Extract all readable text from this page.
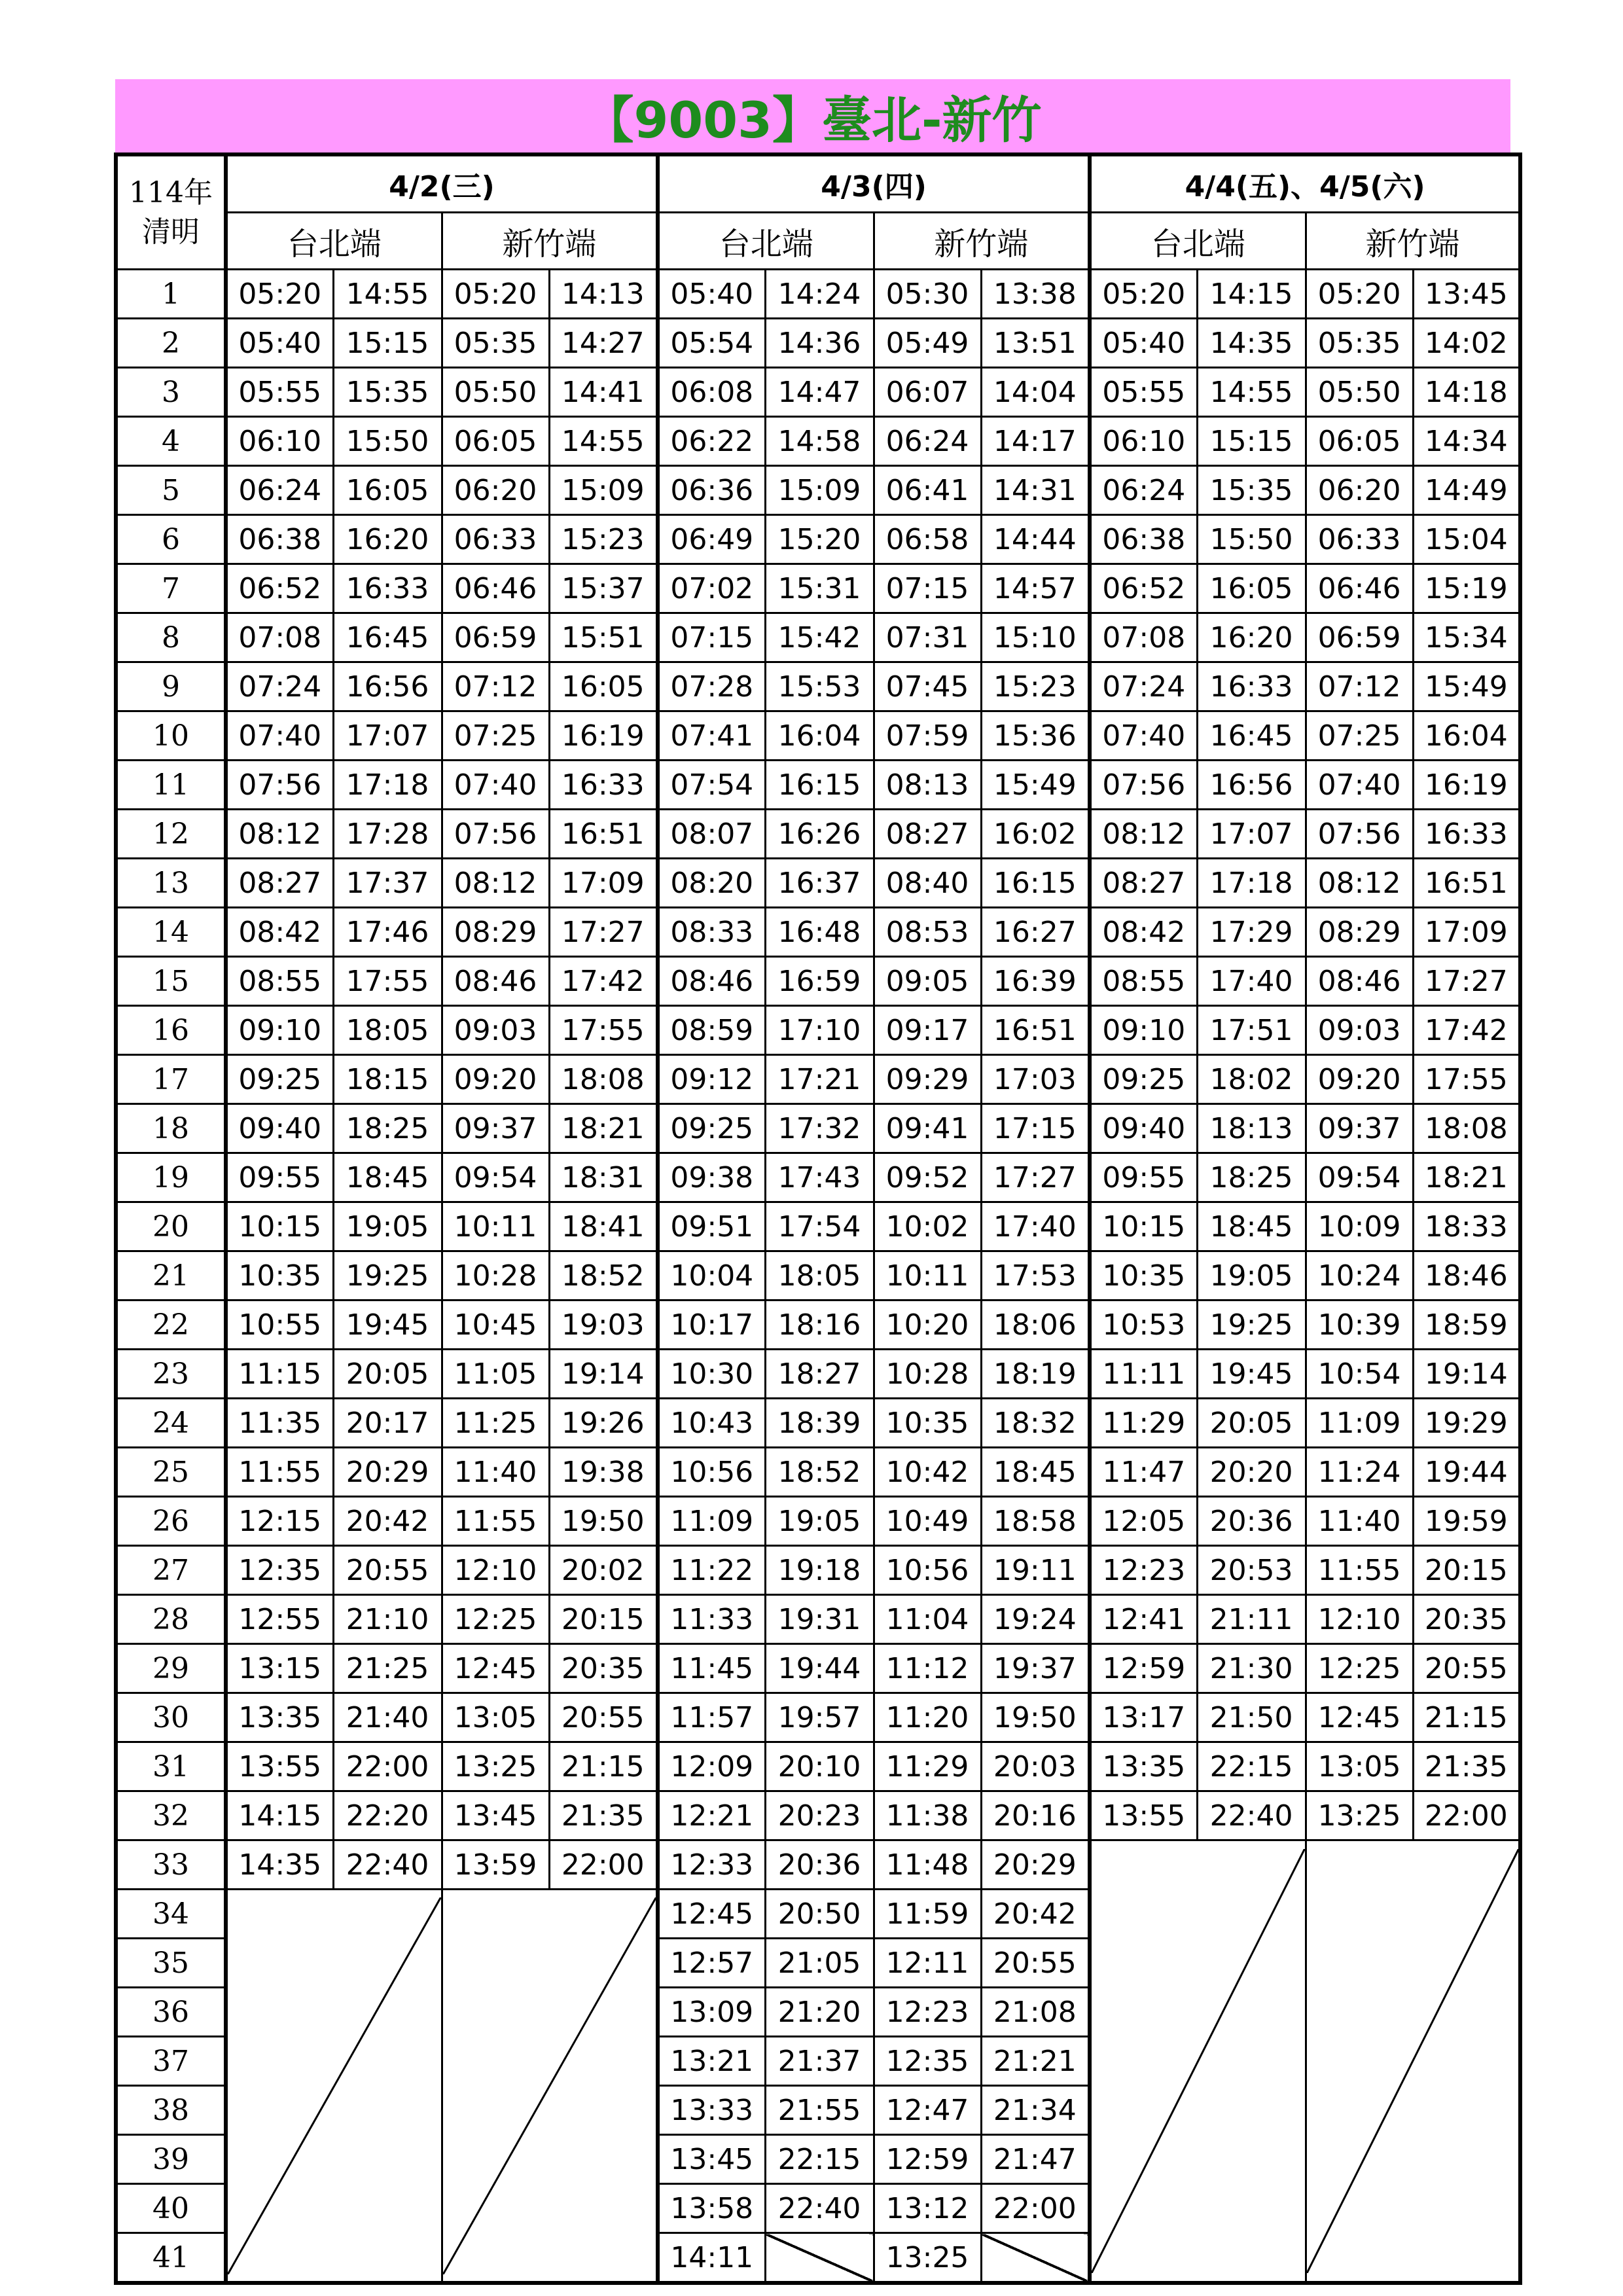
【9003】臺北-新竹
114年
清明	4/2(三)				4/3(四)				4/4(五)、4/5(六)			
	台北端		新竹端		台北端		新竹端		台北端		新竹端	
1	05:20	14:55	05:20	14:13	05:40	14:24	05:30	13:38	05:20	14:15	05:20	13:45
2	05:40	15:15	05:35	14:27	05:54	14:36	05:49	13:51	05:40	14:35	05:35	14:02
3	05:55	15:35	05:50	14:41	06:08	14:47	06:07	14:04	05:55	14:55	05:50	14:18
4	06:10	15:50	06:05	14:55	06:22	14:58	06:24	14:17	06:10	15:15	06:05	14:34
5	06:24	16:05	06:20	15:09	06:36	15:09	06:41	14:31	06:24	15:35	06:20	14:49
6	06:38	16:20	06:33	15:23	06:49	15:20	06:58	14:44	06:38	15:50	06:33	15:04
7	06:52	16:33	06:46	15:37	07:02	15:31	07:15	14:57	06:52	16:05	06:46	15:19
8	07:08	16:45	06:59	15:51	07:15	15:42	07:31	15:10	07:08	16:20	06:59	15:34
9	07:24	16:56	07:12	16:05	07:28	15:53	07:45	15:23	07:24	16:33	07:12	15:49
10	07:40	17:07	07:25	16:19	07:41	16:04	07:59	15:36	07:40	16:45	07:25	16:04
11	07:56	17:18	07:40	16:33	07:54	16:15	08:13	15:49	07:56	16:56	07:40	16:19
12	08:12	17:28	07:56	16:51	08:07	16:26	08:27	16:02	08:12	17:07	07:56	16:33
13	08:27	17:37	08:12	17:09	08:20	16:37	08:40	16:15	08:27	17:18	08:12	16:51
14	08:42	17:46	08:29	17:27	08:33	16:48	08:53	16:27	08:42	17:29	08:29	17:09
15	08:55	17:55	08:46	17:42	08:46	16:59	09:05	16:39	08:55	17:40	08:46	17:27
16	09:10	18:05	09:03	17:55	08:59	17:10	09:17	16:51	09:10	17:51	09:03	17:42
17	09:25	18:15	09:20	18:08	09:12	17:21	09:29	17:03	09:25	18:02	09:20	17:55
18	09:40	18:25	09:37	18:21	09:25	17:32	09:41	17:15	09:40	18:13	09:37	18:08
19	09:55	18:45	09:54	18:31	09:38	17:43	09:52	17:27	09:55	18:25	09:54	18:21
20	10:15	19:05	10:11	18:41	09:51	17:54	10:02	17:40	10:15	18:45	10:09	18:33
21	10:35	19:25	10:28	18:52	10:04	18:05	10:11	17:53	10:35	19:05	10:24	18:46
22	10:55	19:45	10:45	19:03	10:17	18:16	10:20	18:06	10:53	19:25	10:39	18:59
23	11:15	20:05	11:05	19:14	10:30	18:27	10:28	18:19	11:11	19:45	10:54	19:14
24	11:35	20:17	11:25	19:26	10:43	18:39	10:35	18:32	11:29	20:05	11:09	19:29
25	11:55	20:29	11:40	19:38	10:56	18:52	10:42	18:45	11:47	20:20	11:24	19:44
26	12:15	20:42	11:55	19:50	11:09	19:05	10:49	18:58	12:05	20:36	11:40	19:59
27	12:35	20:55	12:10	20:02	11:22	19:18	10:56	19:11	12:23	20:53	11:55	20:15
28	12:55	21:10	12:25	20:15	11:33	19:31	11:04	19:24	12:41	21:11	12:10	20:35
29	13:15	21:25	12:45	20:35	11:45	19:44	11:12	19:37	12:59	21:30	12:25	20:55
30	13:35	21:40	13:05	20:55	11:57	19:57	11:20	19:50	13:17	21:50	12:45	21:15
31	13:55	22:00	13:25	21:15	12:09	20:10	11:29	20:03	13:35	22:15	13:05	21:35
32	14:15	22:20	13:45	21:35	12:21	20:23	11:38	20:16	13:55	22:40	13:25	22:00
33	14:35	22:40	13:59	22:00	12:33	20:36	11:48	20:29	

34					12:45	20:50	11:59	20:42				
35					12:57	21:05	12:11	20:55				
36					13:09	21:20	12:23	21:08				
37					13:21	21:37	12:35	21:21				
38					13:33	21:55	12:47	21:34				
39					13:45	22:15	12:59	21:47				
40					13:58	22:40	13:12	22:00				
41					14:11		13:25					
